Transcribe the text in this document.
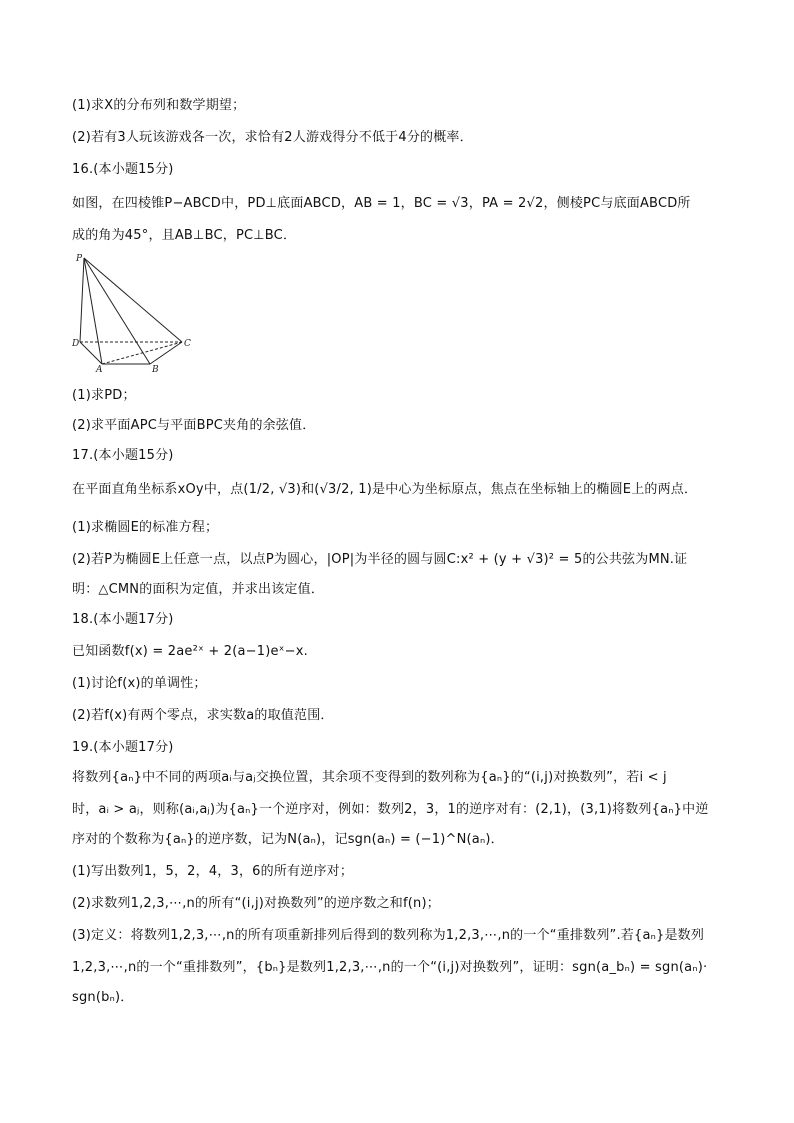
(1)求X的分布列和数学期望；
(2)若有3人玩该游戏各一次，求恰有2人游戏得分不低于4分的概率．
16.(本小题15分)
如图，在四棱锥P−ABCD中，PD⊥底面ABCD，AB = 1，BC = √3，PA = 2√2，侧棱PC与底面ABCD所
成的角为45°，且AB⊥BC，PC⊥BC．
P
D	C
A	B
(1)求PD；
(2)求平面APC与平面BPC夹角的余弦值．
17.(本小题15分)
在平面直角坐标系xOy中，点(1/2, √3)和(√3/2, 1)是中心为坐标原点，焦点在坐标轴上的椭圆E上的两点．
(1)求椭圆E的标准方程；
(2)若P为椭圆E上任意一点，以点P为圆心，|OP|为半径的圆与圆C:x² + (y + √3)² = 5的公共弦为MN.证
明：△CMN的面积为定值，并求出该定值．
18.(本小题17分)
已知函数f(x) = 2ae²ˣ + 2(a−1)eˣ−x.
(1)讨论f(x)的单调性；
(2)若f(x)有两个零点，求实数a的取值范围．
19.(本小题17分)
将数列{aₙ}中不同的两项aᵢ与aⱼ交换位置，其余项不变得到的数列称为{aₙ}的“(i,j)对换数列”，若i < j
时，aᵢ > aⱼ，则称(aᵢ,aⱼ)为{aₙ}一个逆序对，例如：数列2，3，1的逆序对有：(2,1)，(3,1)将数列{aₙ}中逆
序对的个数称为{aₙ}的逆序数，记为N(aₙ)，记sgn(aₙ) = (−1)^N(aₙ)．
(1)写出数列1，5，2，4，3，6的所有逆序对；
(2)求数列1,2,3,⋯,n的所有“(i,j)对换数列”的逆序数之和f(n)；
(3)定义：将数列1,2,3,⋯,n的所有项重新排列后得到的数列称为1,2,3,⋯,n的一个“重排数列”.若{aₙ}是数列
1,2,3,⋯,n的一个“重排数列”，{bₙ}是数列1,2,3,⋯,n的一个“(i,j)对换数列”，证明：sgn(a_bₙ) = sgn(aₙ)·
sgn(bₙ)．
